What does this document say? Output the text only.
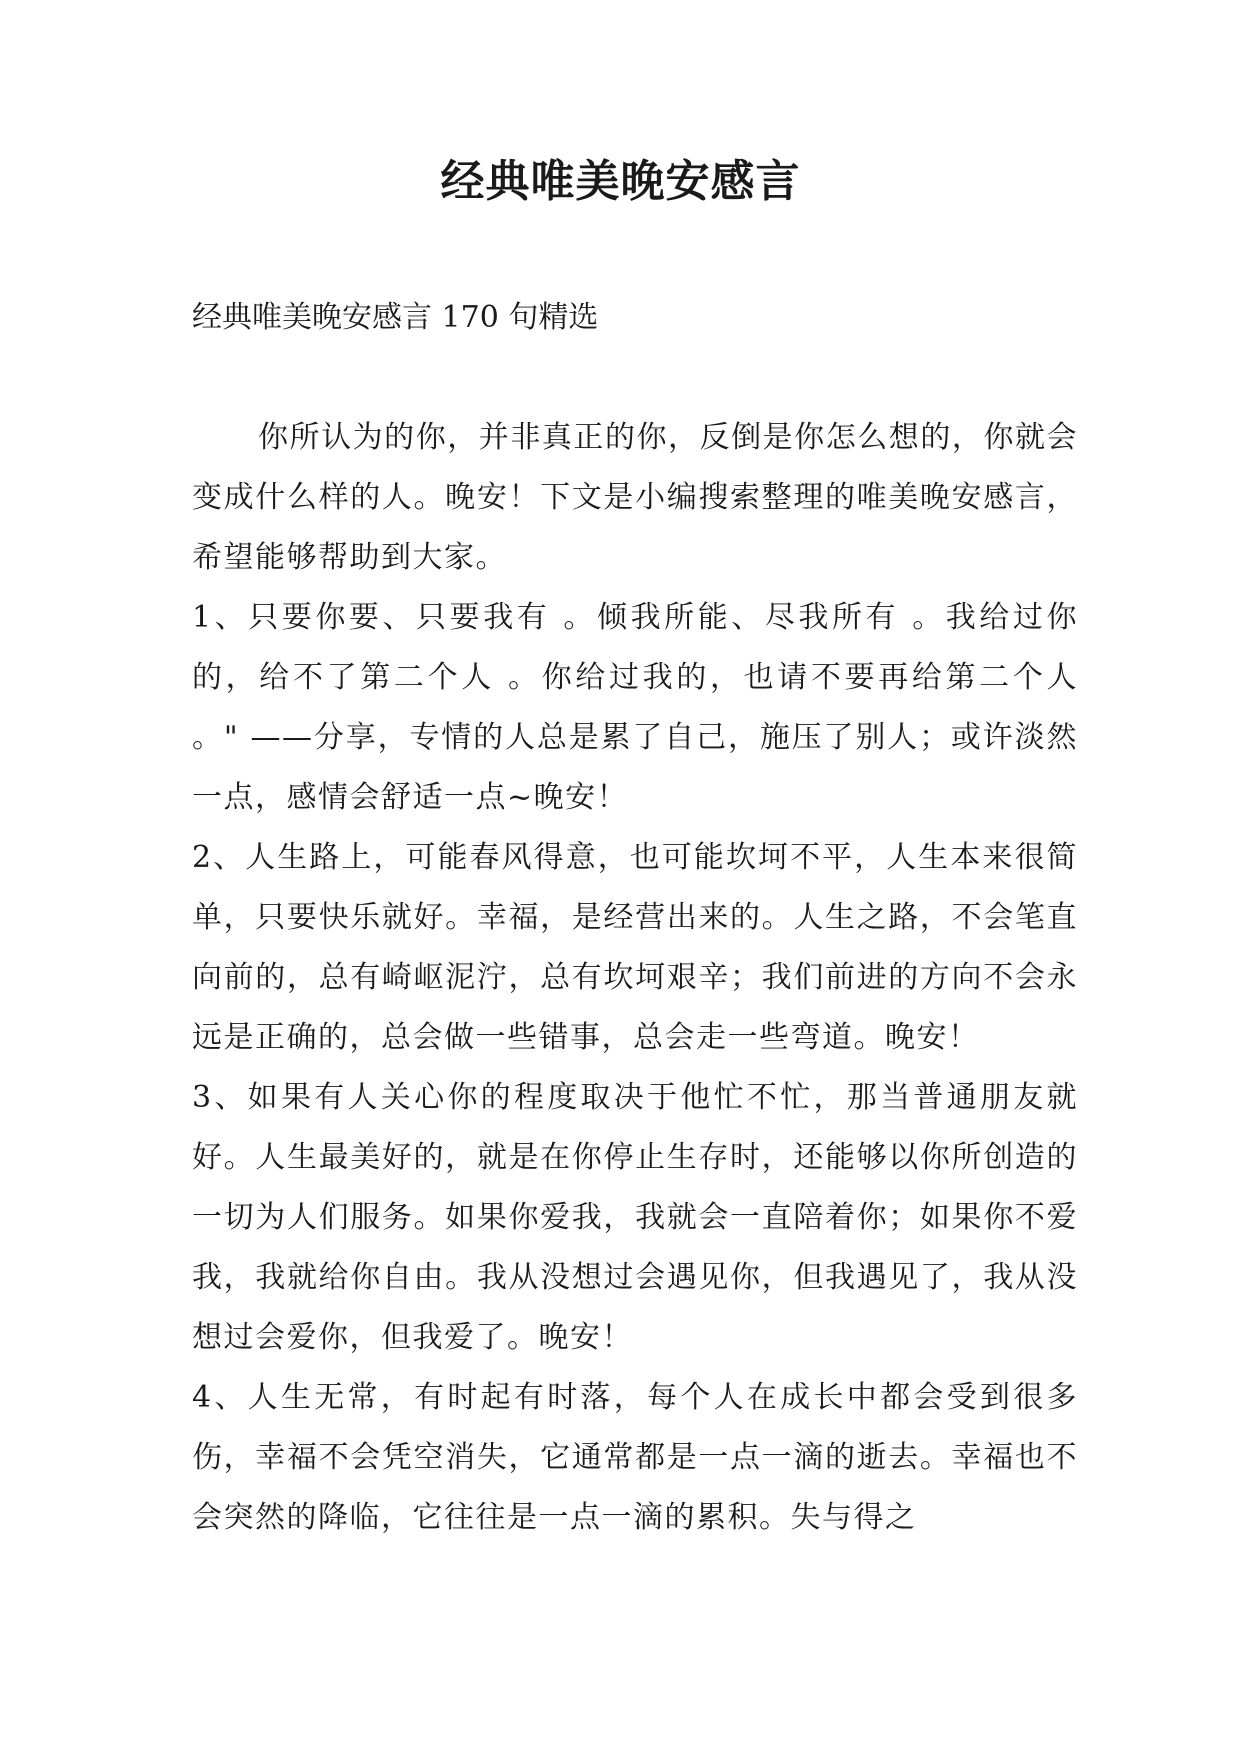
经典唯美晚安感言

经典唯美晚安感言 170 句精选

你所认为的你，并非真正的你，反倒是你怎么想的，你就会变成什么样的人。晚安！下文是小编搜索整理的唯美晚安感言，希望能够帮助到大家。

1、只要你要、只要我有 。倾我所能、尽我所有 。我给过你的，给不了第二个人 。你给过我的，也请不要再给第二个人 。" ——分享，专情的人总是累了自己，施压了别人；或许淡然一点，感情会舒适一点~晚安！

2、人生路上，可能春风得意，也可能坎坷不平，人生本来很简单，只要快乐就好。幸福，是经营出来的。人生之路，不会笔直向前的，总有崎岖泥泞，总有坎坷艰辛；我们前进的方向不会永远是正确的，总会做一些错事，总会走一些弯道。晚安！

3、如果有人关心你的程度取决于他忙不忙，那当普通朋友就好。人生最美好的，就是在你停止生存时，还能够以你所创造的一切为人们服务。如果你爱我，我就会一直陪着你；如果你不爱我，我就给你自由。我从没想过会遇见你，但我遇见了，我从没想过会爱你，但我爱了。晚安！

4、人生无常，有时起有时落，每个人在成长中都会受到很多伤，幸福不会凭空消失，它通常都是一点一滴的逝去。幸福也不会突然的降临，它往往是一点一滴的累积。失与得之
